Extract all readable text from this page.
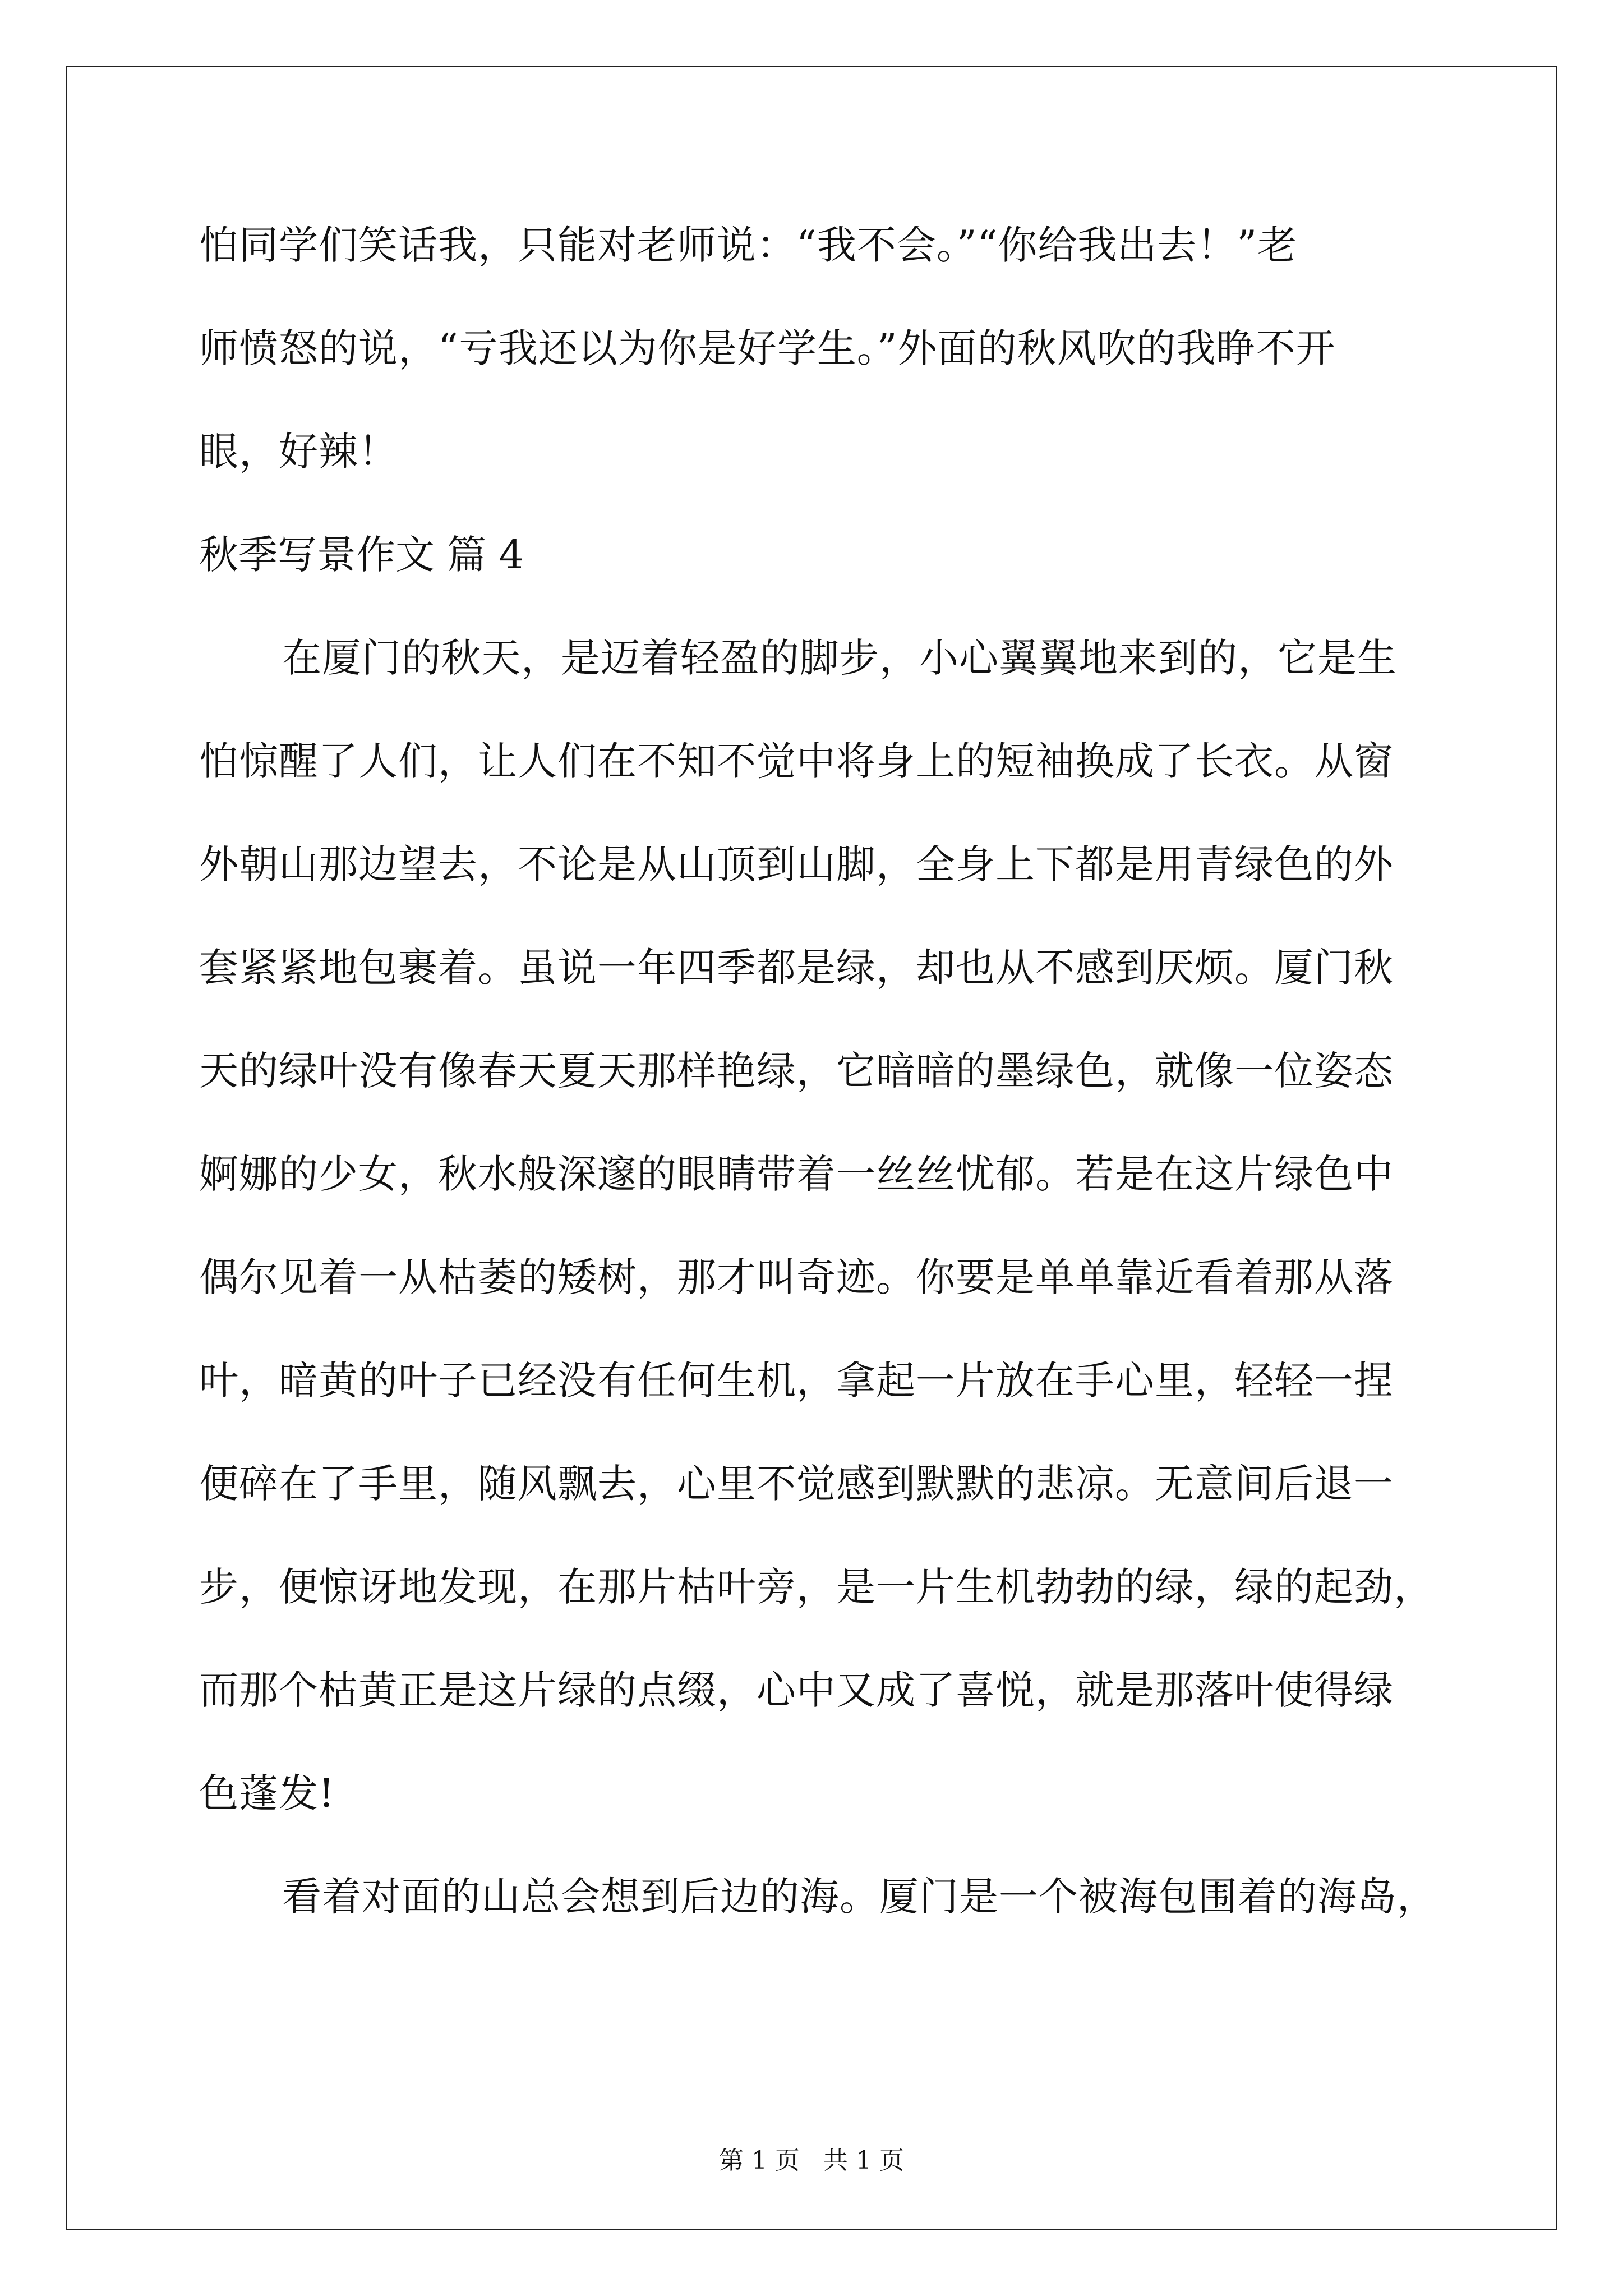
怕同学们笑话我，只能对老师说：“我不会。”“你给我出去！”老
师愤怒的说，“亏我还以为你是好学生。”外面的秋风吹的我睁不开
眼，好辣！
秋季写景作文 篇 4
在厦门的秋天，是迈着轻盈的脚步，小心翼翼地来到的，它是生
怕惊醒了人们，让人们在不知不觉中将身上的短袖换成了长衣。从窗
外朝山那边望去，不论是从山顶到山脚，全身上下都是用青绿色的外
套紧紧地包裹着。虽说一年四季都是绿，却也从不感到厌烦。厦门秋
天的绿叶没有像春天夏天那样艳绿，它暗暗的墨绿色，就像一位姿态
婀娜的少女，秋水般深邃的眼睛带着一丝丝忧郁。若是在这片绿色中
偶尔见着一从枯萎的矮树，那才叫奇迹。你要是单单靠近看着那从落
叶，暗黄的叶子已经没有任何生机，拿起一片放在手心里，轻轻一捏
便碎在了手里，随风飘去，心里不觉感到默默的悲凉。无意间后退一
步，便惊讶地发现，在那片枯叶旁，是一片生机勃勃的绿，绿的起劲，
而那个枯黄正是这片绿的点缀，心中又成了喜悦，就是那落叶使得绿
色蓬发!
看着对面的山总会想到后边的海。厦门是一个被海包围着的海岛，
第 1 页   共 1 页
